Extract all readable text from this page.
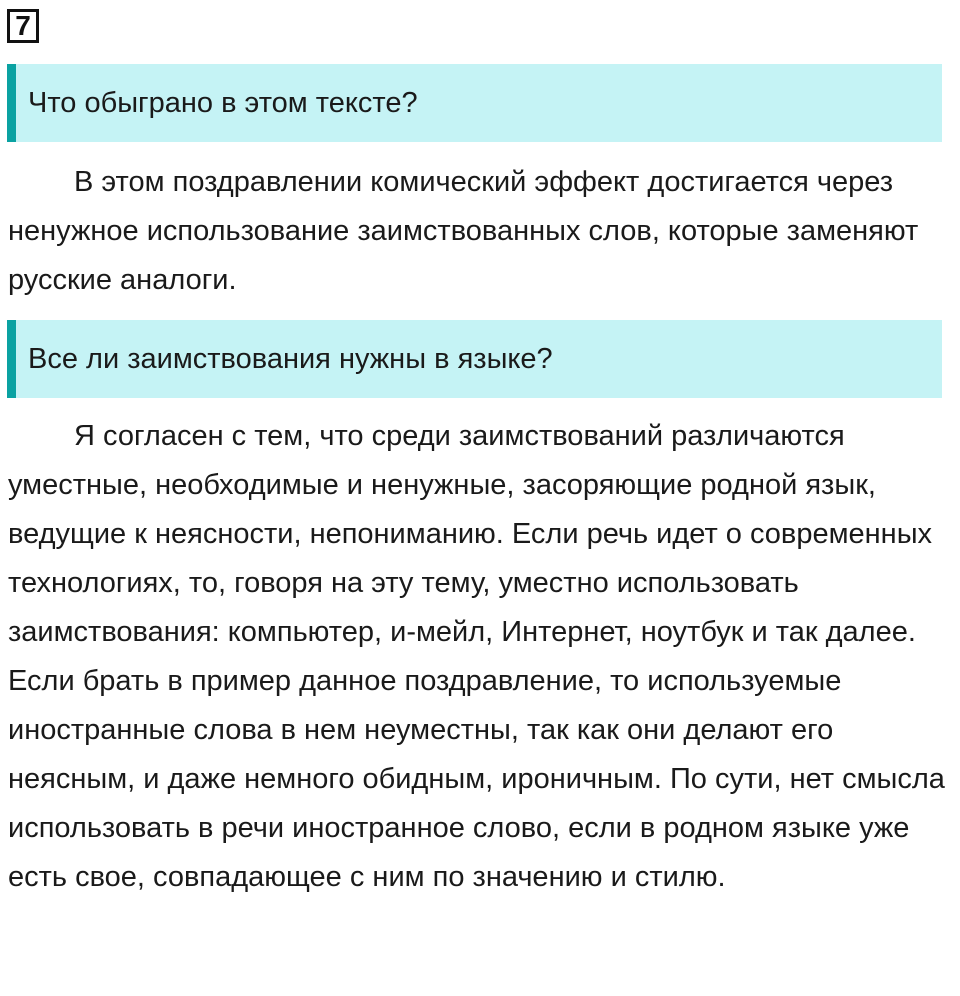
7
Что обыграно в этом тексте?

В этом поздравлении комический эффект достигается через ненужное использование заимствованных слов, которые заменяют русские аналоги.

Все ли заимствования нужны в языке?

Я согласен с тем, что среди заимствований различаются уместные, необходимые и ненужные, засоряющие родной язык, ведущие к неясности, непониманию. Если речь идет о современных технологиях, то, говоря на эту тему, уместно использовать заимствования: компьютер, и-мейл, Интернет, ноутбук и так далее. Если брать в пример данное поздравление, то используемые иностранные слова в нем неуместны, так как они делают его неясным, и даже немного обидным, ироничным. По сути, нет смысла использовать в речи иностранное слово, если в родном языке уже есть свое, совпадающее с ним по значению и стилю.
